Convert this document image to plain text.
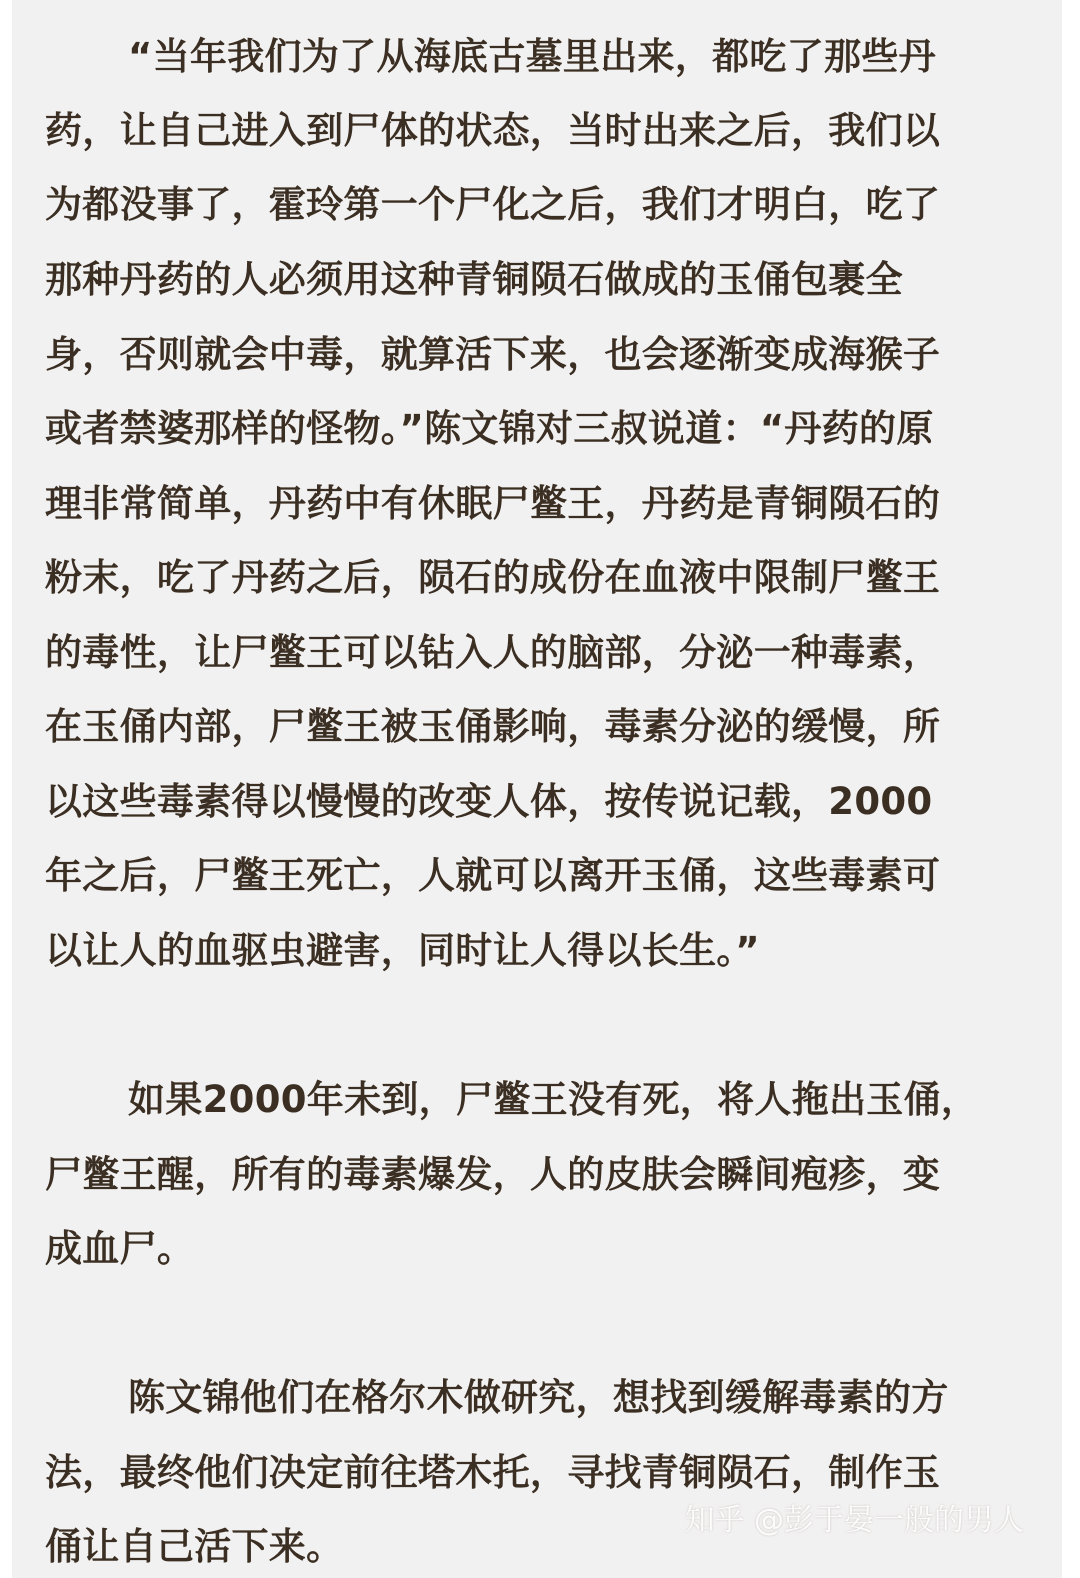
“当年我们为了从海底古墓里出来，都吃了那些丹

药，让自己进入到尸体的状态，当时出来之后，我们以

为都没事了，霍玲第一个尸化之后，我们才明白，吃了

那种丹药的人必须用这种青铜陨石做成的玉俑包裹全

身，否则就会中毒，就算活下来，也会逐渐变成海猴子

或者禁婆那样的怪物。”陈文锦对三叔说道：“丹药的原

理非常简单，丹药中有休眠尸鳖王，丹药是青铜陨石的

粉末，吃了丹药之后，陨石的成份在血液中限制尸鳖王

的毒性，让尸鳖王可以钻入人的脑部，分泌一种毒素，

在玉俑内部，尸鳖王被玉俑影响，毒素分泌的缓慢，所

以这些毒素得以慢慢的改变人体，按传说记载，2000

年之后，尸鳖王死亡，人就可以离开玉俑，这些毒素可

以让人的血驱虫避害，同时让人得以长生。”

如果2000年未到，尸鳖王没有死，将人拖出玉俑，

尸鳖王醒，所有的毒素爆发，人的皮肤会瞬间疱疹，变

成血尸。

陈文锦他们在格尔木做研究，想找到缓解毒素的方

法，最终他们决定前往塔木托，寻找青铜陨石，制作玉

俑让自己活下来。

知乎 @彭于晏一般的男人
